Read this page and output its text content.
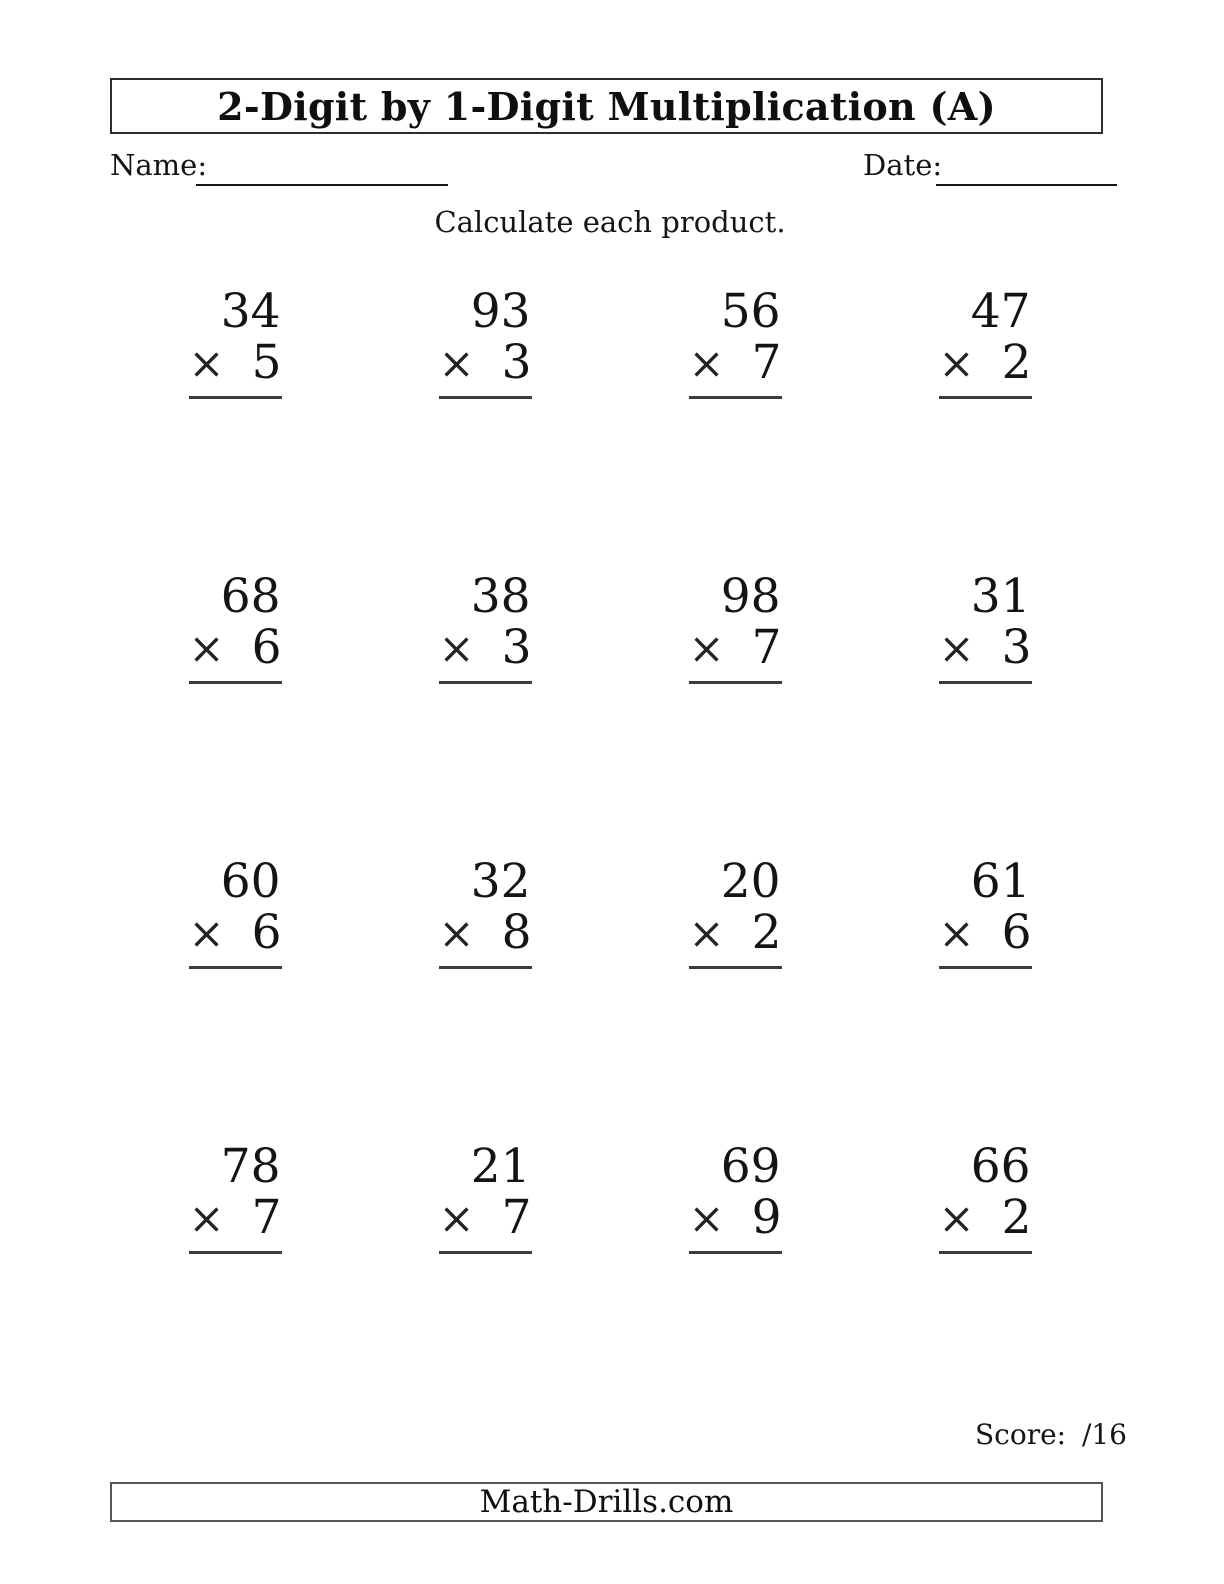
2-Digit by 1-Digit Multiplication (A)
Name:	Date:
Calculate each product.
34
× 5
93
× 3
56
× 7
47
× 2
68
× 6
38
× 3
98
× 7
31
× 3
60
× 6
32
× 8
20
× 2
61
× 6
78
× 7
21
× 7
69
× 9
66
× 2
Score: /16
Math-Drills.com
